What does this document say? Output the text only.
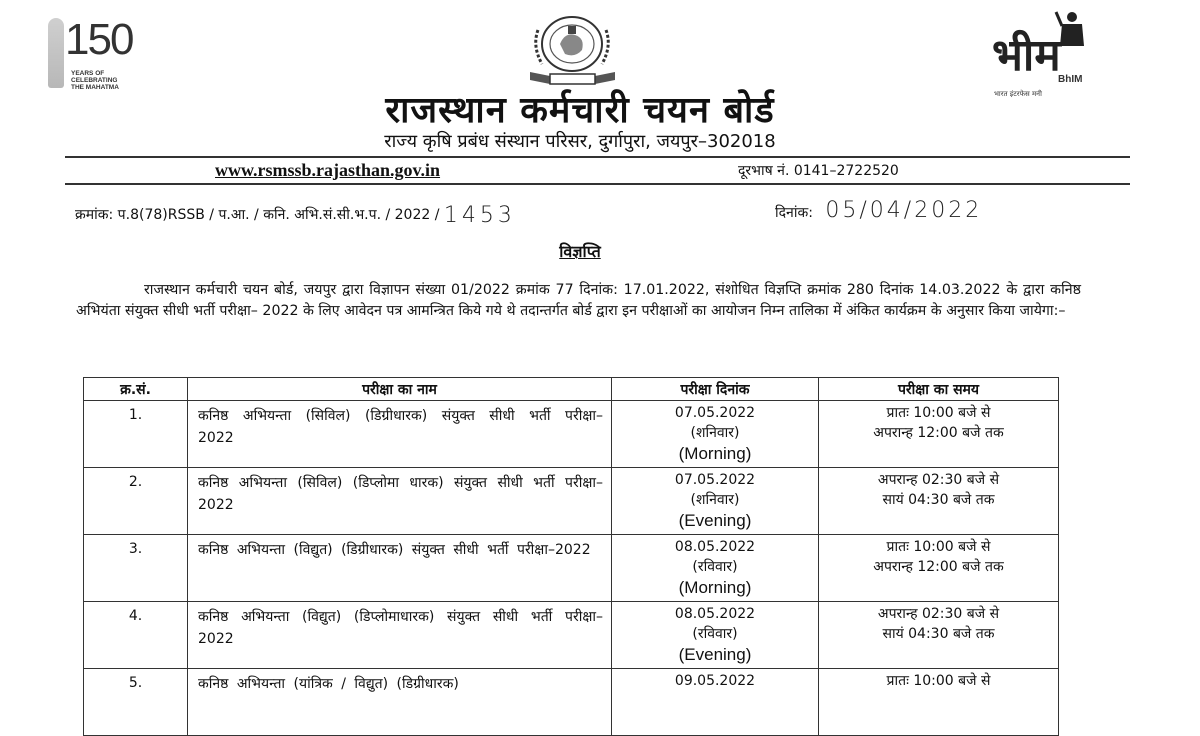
150
YEARS OF
CELEBRATING
THE MAHATMA
भीम
BhIM
भारत इंटरफेस मनी
राजस्थान कर्मचारी चयन बोर्ड
राज्य कृषि प्रबंध संस्थान परिसर, दुर्गापुरा, जयपुर–302018
www.rsmssb.rajasthan.gov.in	दूरभाष नं. 0141–2722520
क्रमांक: प.8(78)RSSB / प.आ. / कनि. अभि.सं.सी.भ.प. / 2022 / 1453	दिनांक: 05/04/2022
विज्ञप्ति
राजस्थान कर्मचारी चयन बोर्ड, जयपुर द्वारा विज्ञापन संख्या 01/2022 क्रमांक 77 दिनांक: 17.01.2022, संशोधित विज्ञप्ति क्रमांक 280 दिनांक 14.03.2022 के द्वारा कनिष्ठ अभियंता संयुक्त सीधी भर्ती परीक्षा– 2022 के लिए आवेदन पत्र आमन्त्रित किये गये थे तदान्तर्गत बोर्ड द्वारा इन परीक्षाओं का आयोजन निम्न तालिका में अंकित कार्यक्रम के अनुसार किया जायेगा:–
क्र.सं.	परीक्षा का नाम	परीक्षा दिनांक	परीक्षा का समय
1.	कनिष्ठ अभियन्ता (सिविल) (डिग्रीधारक) संयुक्त सीधी भर्ती परीक्षा– 2022	07.05.2022
(शनिवार)
(Morning)	प्रातः 10:00 बजे से
अपरान्ह 12:00 बजे तक

2.	कनिष्ठ अभियन्ता (सिविल) (डिप्लोमा धारक) संयुक्त सीधी भर्ती परीक्षा– 2022	07.05.2022
(शनिवार)
(Evening)	अपरान्ह 02:30 बजे से
सायं 04:30 बजे तक

3.	कनिष्ठ अभियन्ता (विद्युत) (डिग्रीधारक) संयुक्त सीधी भर्ती परीक्षा–2022	08.05.2022
(रविवार)
(Morning)	प्रातः 10:00 बजे से
अपरान्ह 12:00 बजे तक

4.	कनिष्ठ अभियन्ता (विद्युत) (डिप्लोमाधारक) संयुक्त सीधी भर्ती परीक्षा–2022	08.05.2022
(रविवार)
(Evening)	अपरान्ह 02:30 बजे से
सायं 04:30 बजे तक

5.	कनिष्ठ अभियन्ता (यांत्रिक / विद्युत) (डिग्रीधारक)	09.05.2022	प्रातः 10:00 बजे से
